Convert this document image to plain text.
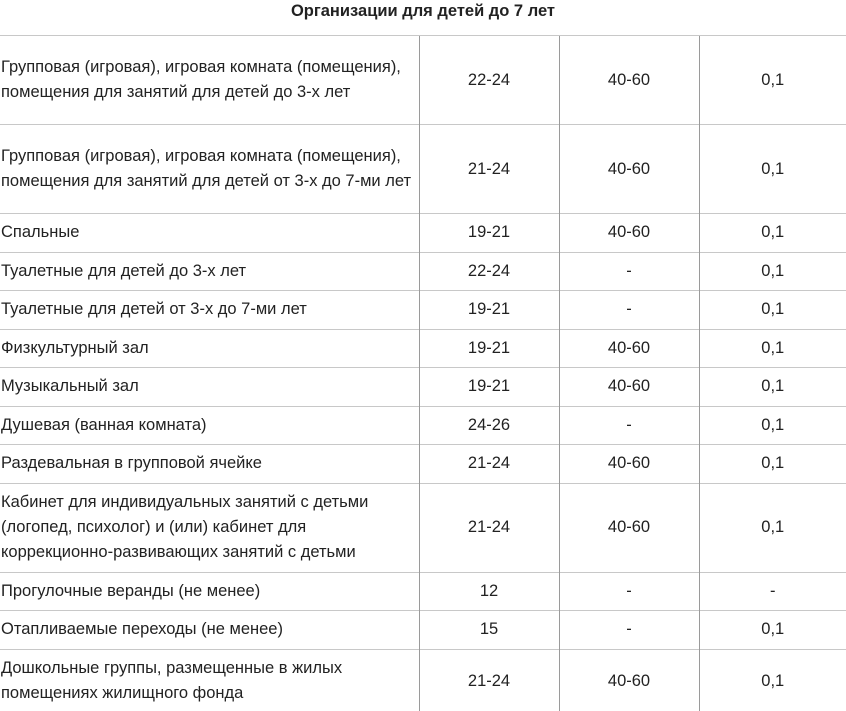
Организации для детей до 7 лет
Групповая (игровая), игровая комната (помещения), помещения для занятий для детей до 3-х лет	22-24	40-60	0,1
Групповая (игровая), игровая комната (помещения), помещения для занятий для детей от 3-х до 7-ми лет	21-24	40-60	0,1
Спальные	19-21	40-60	0,1
Туалетные для детей до 3-х лет	22-24	-	0,1
Туалетные для детей от 3-х до 7-ми лет	19-21	-	0,1
Физкультурный зал	19-21	40-60	0,1
Музыкальный зал	19-21	40-60	0,1
Душевая (ванная комната)	24-26	-	0,1
Раздевальная в групповой ячейке	21-24	40-60	0,1
Кабинет для индивидуальных занятий с детьми (логопед, психолог) и (или) кабинет для коррекционно-развивающих занятий с детьми	21-24	40-60	0,1
Прогулочные веранды (не менее)	12	-	-
Отапливаемые переходы (не менее)	15	-	0,1
Дошкольные группы, размещенные в жилых помещениях жилищного фонда	21-24	40-60	0,1
